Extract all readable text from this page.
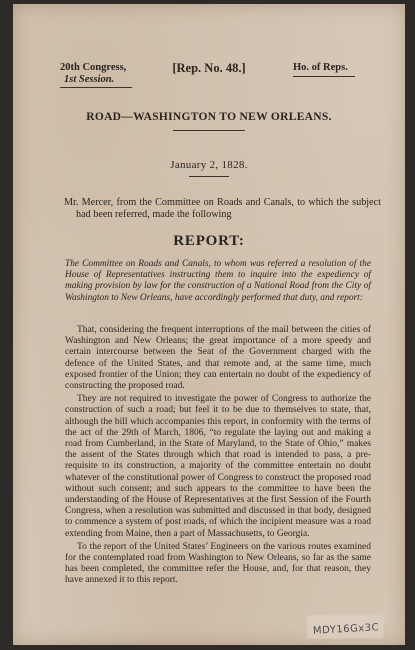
20th Congress,
1st Session.
[Rep. No. 48.]	Ho. of Reps.
ROAD—WASHINGTON TO NEW ORLEANS.
January 2, 1828.
Mr. Mercer, from the Committee on Roads and Canals, to which the subject had been referred, made the following
REPORT:
The Committee on Roads and Canals, to whom was referred a resolution of the House of Representatives instructing them to inquire into the expediency of making provision by law for the construction of a National Road from the City of Washington to New Orleans, have accordingly performed that duty, and report:

That, considering the frequent interruptions of the mail between the cities of Washington and New Orleans; the great importance of a more speedy and certain intercourse between the Seat of the Government charged with the defence of the United States, and that remote and, at the same time, much exposed frontier of the Union; they can entertain no doubt of the expediency of constructing the proposed road.

They are not required to investigate the power of Congress to authorize the construction of such a road; but feel it to be due to themselves to state, that, although the bill which accompanies this report, in conformity with the terms of the act of the 29th of March, 1806, “to regulate the laying out and making a road from Cumberland, in the State of Maryland, to the State of Ohio,” makes the assent of the States through which that road is intended to pass, a pre-requisite to its construction, a majority of the committee entertain no doubt whatever of the constitutional power of Congress to construct the proposed road without such consent; and such appears to the committee to have been the understanding of the House of Representatives at the first Session of the Fourth Congress, when a resolution was submitted and discussed in that body, designed to commence a system of post roads, of which the incipient measure was a road extending from Maine, then a part of Massachusetts, to Georgia.

To the report of the United States’ Engineers on the various routes examined for the contemplated road from Washington to New Orleans, so far as the same has been completed, the committee refer the House, and, for that reason, they have annexed it to this report.

MDY16Gx3C
